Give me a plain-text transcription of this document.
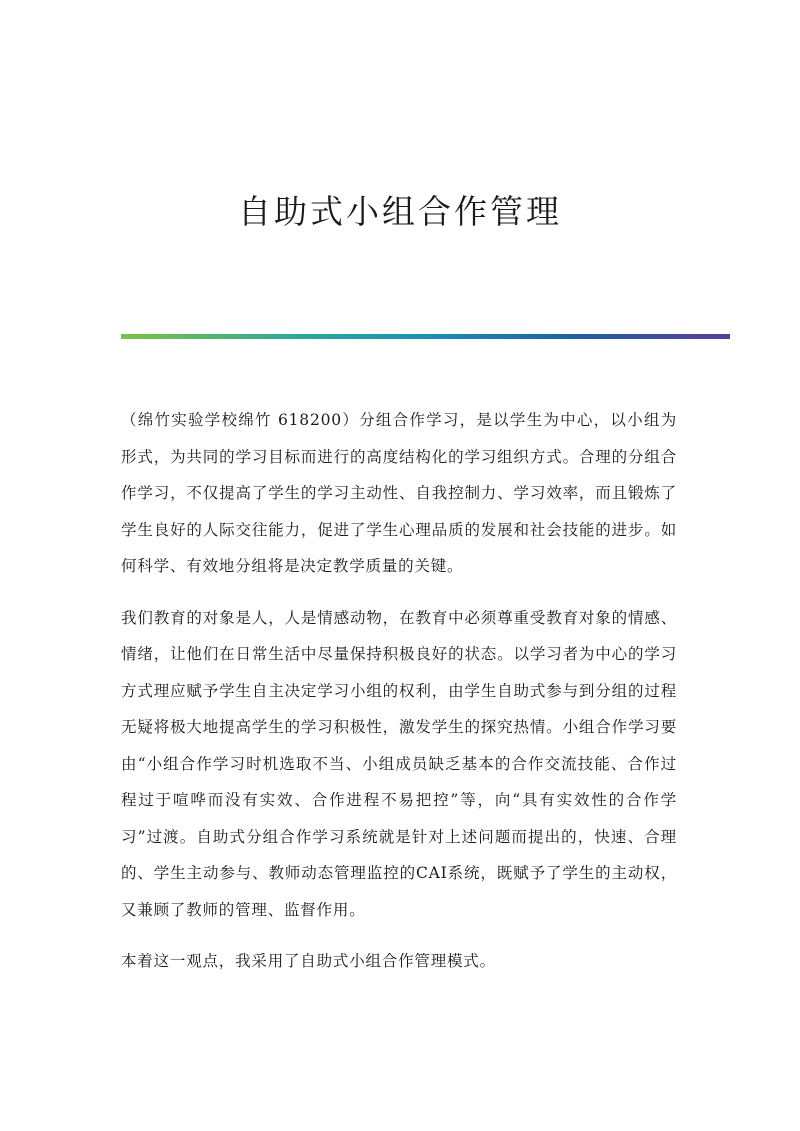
自助式小组合作管理

（绵竹实验学校绵竹 618200）分组合作学习，是以学生为中心，以小组为形式，为共同的学习目标而进行的高度结构化的学习组织方式。合理的分组合作学习，不仅提高了学生的学习主动性、自我控制力、学习效率，而且锻炼了学生良好的人际交往能力，促进了学生心理品质的发展和社会技能的进步。如何科学、有效地分组将是决定教学质量的关键。

我们教育的对象是人，人是情感动物，在教育中必须尊重受教育对象的情感、情绪，让他们在日常生活中尽量保持积极良好的状态。以学习者为中心的学习方式理应赋予学生自主决定学习小组的权利，由学生自助式参与到分组的过程无疑将极大地提高学生的学习积极性，激发学生的探究热情。小组合作学习要由“小组合作学习时机选取不当、小组成员缺乏基本的合作交流技能、合作过程过于喧哗而没有实效、合作进程不易把控”等，向“具有实效性的合作学习”过渡。自助式分组合作学习系统就是针对上述问题而提出的，快速、合理的、学生主动参与、教师动态管理监控的CAI系统，既赋予了学生的主动权，又兼顾了教师的管理、监督作用。

本着这一观点，我采用了自助式小组合作管理模式。
